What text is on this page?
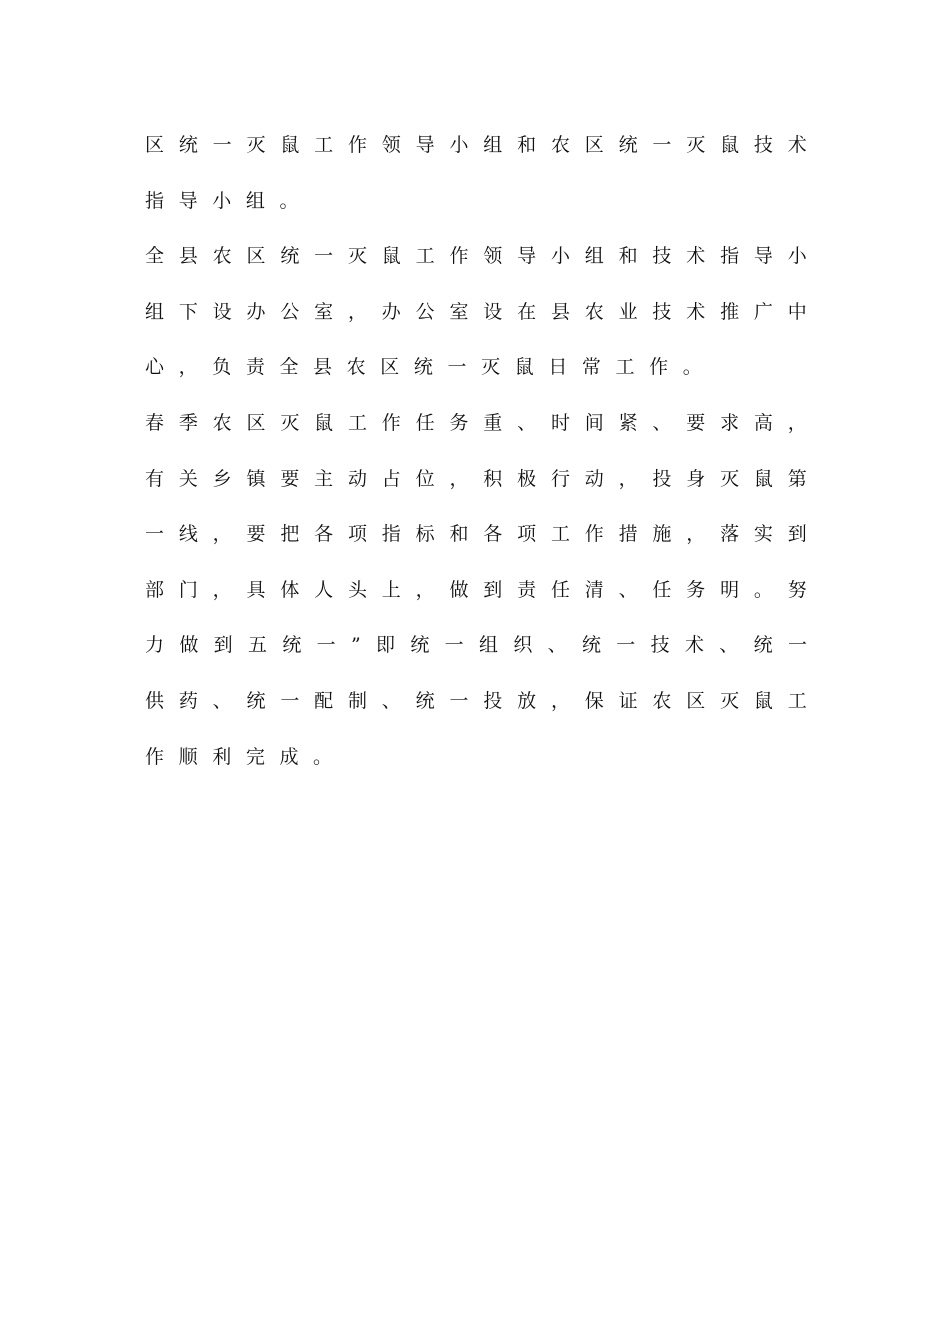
区 统 一 灭 鼠 工 作 领 导 小 组 和 农 区 统 一 灭 鼠 技 术
指 导 小 组 。
全 县 农 区 统 一 灭 鼠 工 作 领 导 小 组 和 技 术 指 导 小
组 下 设 办 公 室 ， 办 公 室 设 在 县 农 业 技 术 推 广 中
心 ， 负 责 全 县 农 区 统 一 灭 鼠 日 常 工 作 。
春 季 农 区 灭 鼠 工 作 任 务 重 、 时 间 紧 、 要 求 高 ，
有 关 乡 镇 要 主 动 占 位 ， 积 极 行 动 ， 投 身 灭 鼠 第
一 线 ， 要 把 各 项 指 标 和 各 项 工 作 措 施 ， 落 实 到
部 门 ， 具 体 人 头 上 ， 做 到 责 任 清 、 任 务 明 。 努
力 做 到 五 统 一 ” 即 统 一 组 织 、 统 一 技 术 、 统 一
供 药 、 统 一 配 制 、 统 一 投 放 ， 保 证 农 区 灭 鼠 工
作 顺 利 完 成 。
